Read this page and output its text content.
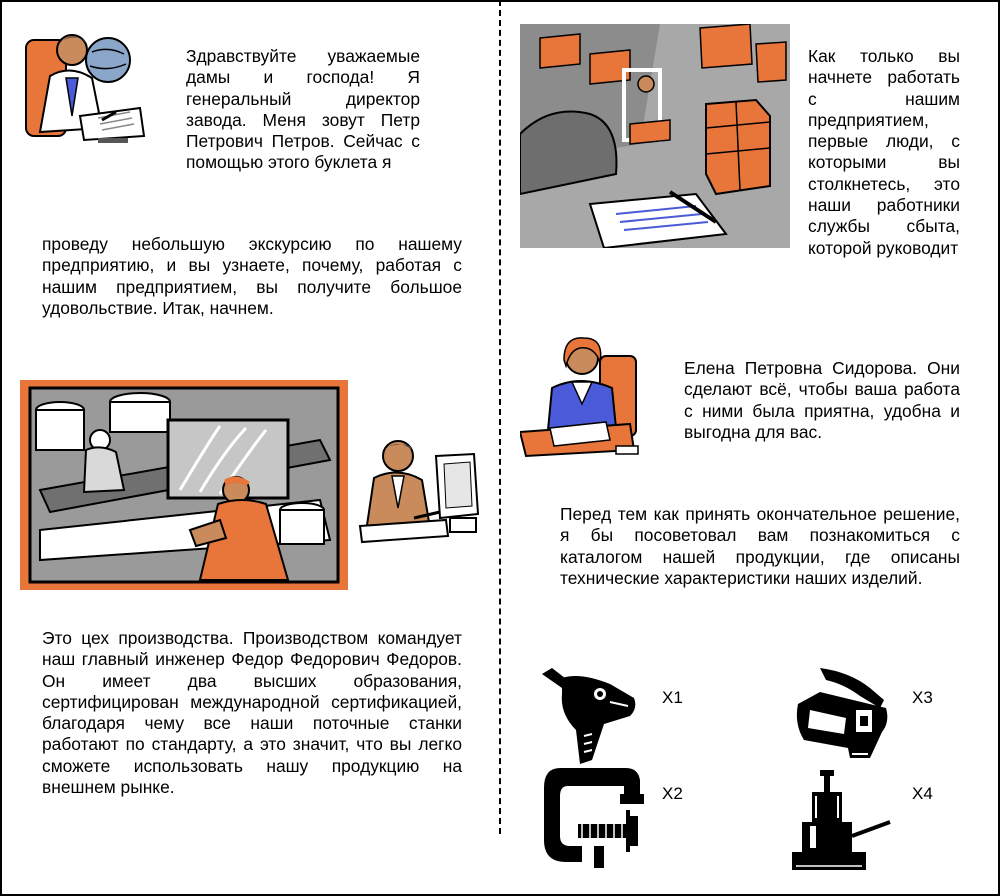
Здравствуйте уважаемые дамы и господа! Я генеральный директор завода. Меня зовут Петр Петрович Петров. Сейчас с помощью этого буклета я
проведу небольшую экскурсию по нашему предприятию, и вы узнаете, почему, работая с нашим предприятием, вы получите большое удовольствие. Итак, начнем.
Это цех производства. Производством командует наш главный инженер Федор Федорович Федоров. Он имеет два высших образования, сертифицирован международной сертификацией, благодаря чему все наши поточные станки работают по стандарту, а это значит, что вы легко сможете использовать нашу продукцию на внешнем рынке.
Как только вы начнете работать с нашим предприятием, первые люди, с которыми вы столкнетесь, это наши работники службы сбыта, которой руководит
Елена Петровна Сидорова. Они сделают всё, чтобы ваша работа с ними была приятна, удобна и выгодна для вас.
Перед тем как принять окончательное решение, я бы посоветовал вам познакомиться с каталогом нашей продукции, где описаны технические характеристики наших изделий.
X1
X2
X3
X4
